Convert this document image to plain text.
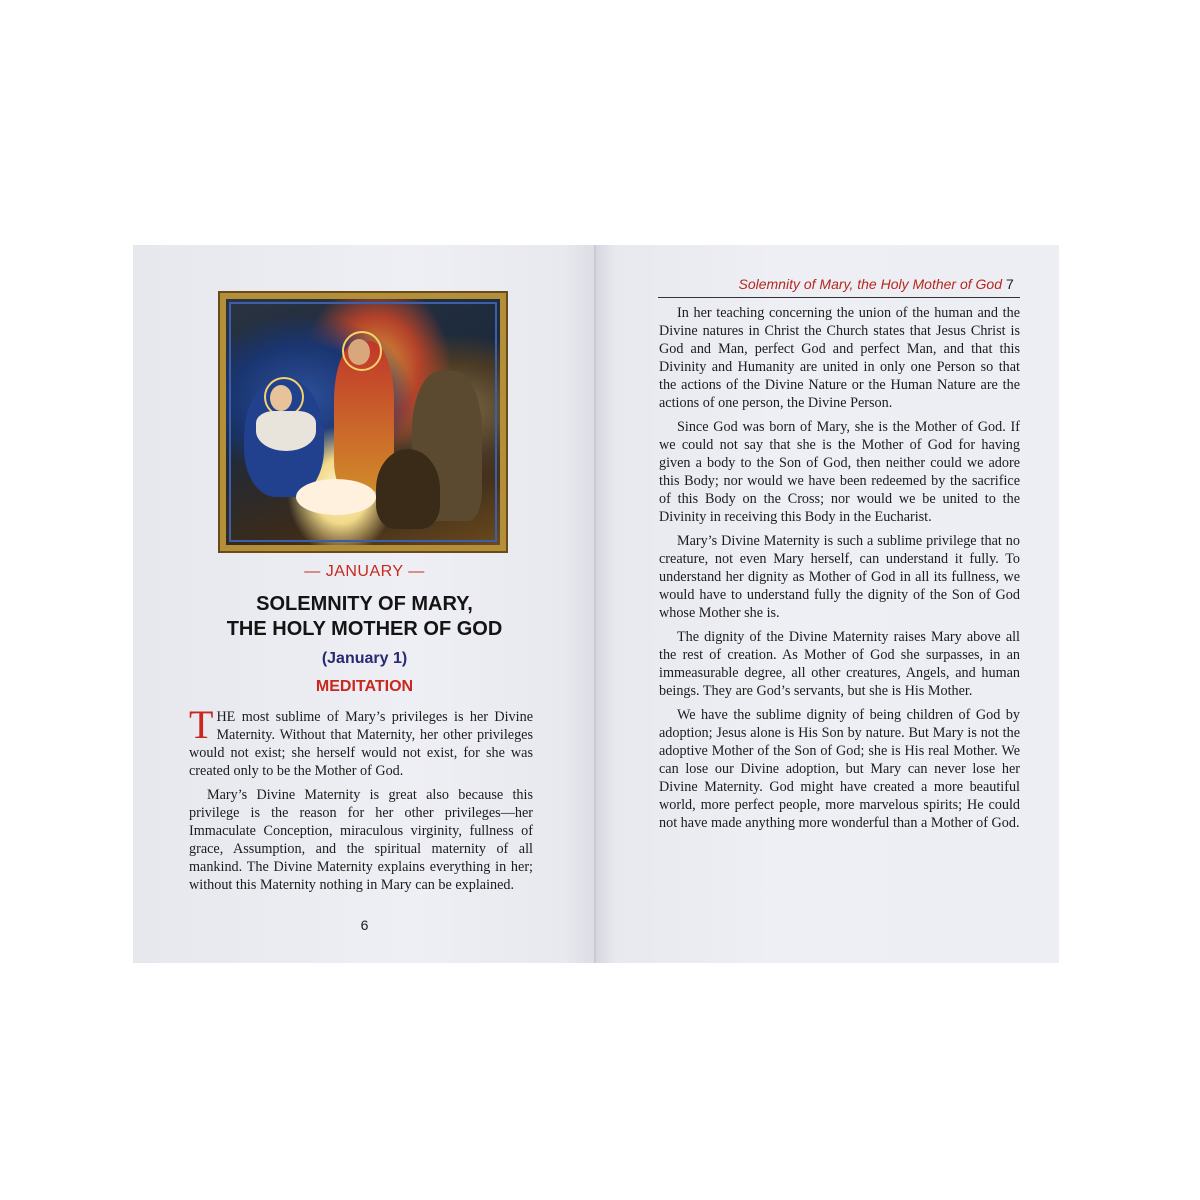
— JANUARY —
SOLEMNITY OF MARY,
THE HOLY MOTHER OF GOD
(January 1)
MEDITATION

THE most sublime of Mary’s privileges is her Divine Maternity. Without that Maternity, her other privileges would not exist; she herself would not exist, for she was created only to be the Mother of God.

Mary’s Divine Maternity is great also because this privilege is the reason for her other privileges—her Immaculate Conception, miraculous virginity, fullness of grace, Assumption, and the spiritual maternity of all mankind. The Divine Maternity explains everything in her; without this Maternity nothing in Mary can be explained.

6
Solemnity of Mary, the Holy Mother of God 7

In her teaching concerning the union of the human and the Divine natures in Christ the Church states that Jesus Christ is God and Man, perfect God and perfect Man, and that this Divinity and Humanity are united in only one Person so that the actions of the Divine Nature or the Human Nature are the actions of one person, the Divine Person.

Since God was born of Mary, she is the Mother of God. If we could not say that she is the Mother of God for having given a body to the Son of God, then neither could we adore this Body; nor would we have been redeemed by the sacrifice of this Body on the Cross; nor would we be united to the Divinity in receiving this Body in the Eucharist.

Mary’s Divine Maternity is such a sublime privilege that no creature, not even Mary herself, can understand it fully. To understand her dignity as Mother of God in all its fullness, we would have to understand fully the dignity of the Son of God whose Mother she is.

The dignity of the Divine Maternity raises Mary above all the rest of creation. As Mother of God she surpasses, in an immeasurable degree, all other creatures, Angels, and human beings. They are God’s servants, but she is His Mother.

We have the sublime dignity of being children of God by adoption; Jesus alone is His Son by nature. But Mary is not the adoptive Mother of the Son of God; she is His real Mother. We can lose our Divine adoption, but Mary can never lose her Divine Maternity. God might have created a more beautiful world, more perfect people, more marvelous spirits; He could not have made anything more wonderful than a Mother of God.
